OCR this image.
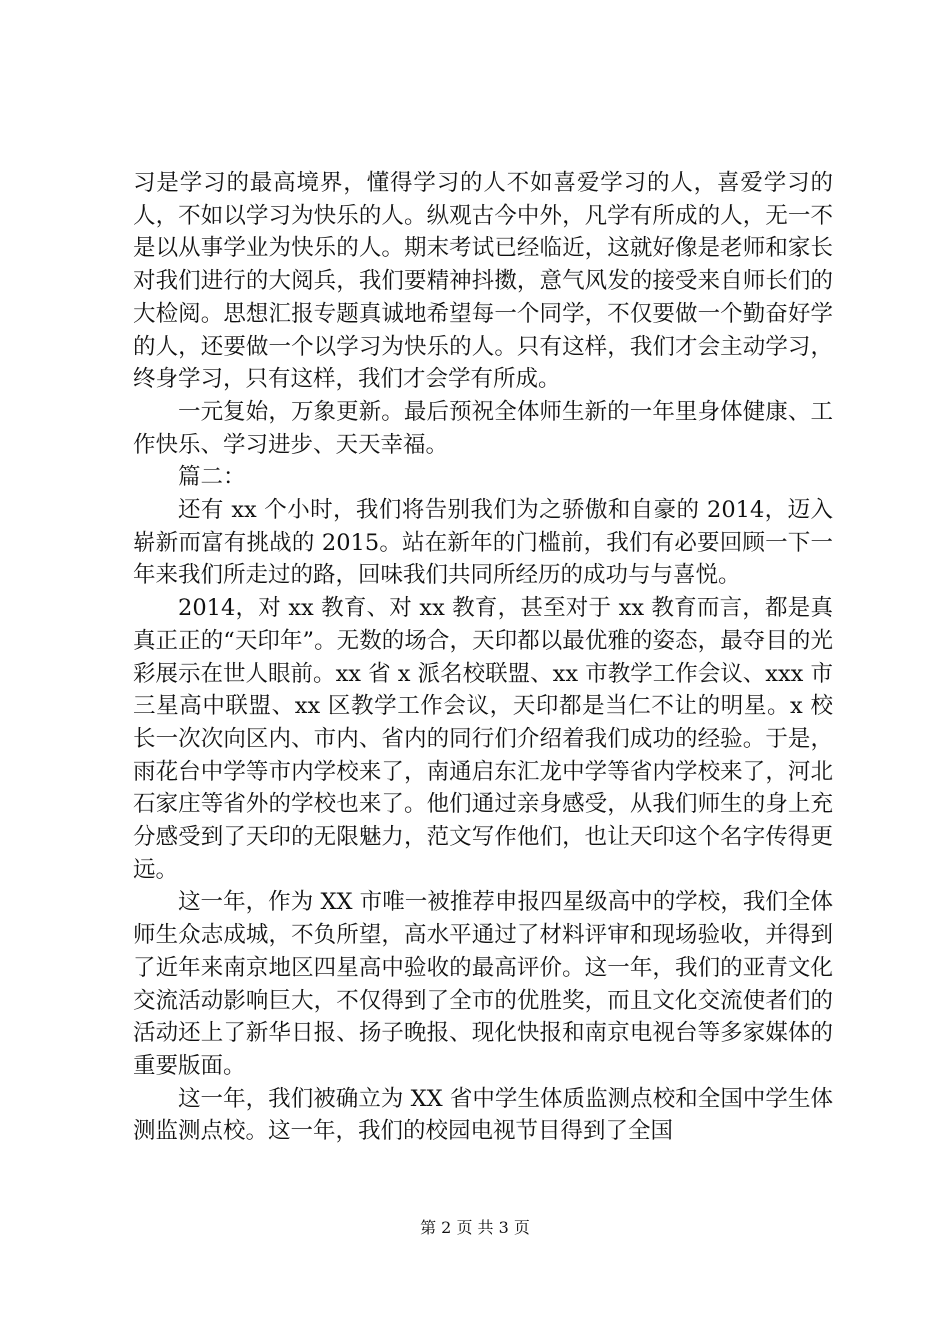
习是学习的最高境界，懂得学习的人不如喜爱学习的人，喜爱学习的人，不如以学习为快乐的人。纵观古今中外，凡学有所成的人，无一不是以从事学业为快乐的人。期末考试已经临近，这就好像是老师和家长对我们进行的大阅兵，我们要精神抖擞，意气风发的接受来自师长们的大检阅。思想汇报专题真诚地希望每一个同学，不仅要做一个勤奋好学的人，还要做一个以学习为快乐的人。只有这样，我们才会主动学习，终身学习，只有这样，我们才会学有所成。

一元复始，万象更新。最后预祝全体师生新的一年里身体健康、工作快乐、学习进步、天天幸福。

篇二：

还有 xx 个小时，我们将告别我们为之骄傲和自豪的 2014，迈入崭新而富有挑战的 2015。站在新年的门槛前，我们有必要回顾一下一年来我们所走过的路，回味我们共同所经历的成功与与喜悦。

2014，对 xx 教育、对 xx 教育，甚至对于 xx 教育而言，都是真真正正的“天印年”。无数的场合，天印都以最优雅的姿态，最夺目的光彩展示在世人眼前。xx 省 x 派名校联盟、xx 市教学工作会议、xxx 市三星高中联盟、xx 区教学工作会议，天印都是当仁不让的明星。x 校长一次次向区内、市内、省内的同行们介绍着我们成功的经验。于是，雨花台中学等市内学校来了，南通启东汇龙中学等省内学校来了，河北石家庄等省外的学校也来了。他们通过亲身感受，从我们师生的身上充分感受到了天印的无限魅力，范文写作他们，也让天印这个名字传得更远。

这一年，作为 XX 市唯一被推荐申报四星级高中的学校，我们全体师生众志成城，不负所望，高水平通过了材料评审和现场验收，并得到了近年来南京地区四星高中验收的最高评价。这一年，我们的亚青文化交流活动影响巨大，不仅得到了全市的优胜奖，而且文化交流使者们的活动还上了新华日报、扬子晚报、现化快报和南京电视台等多家媒体的重要版面。

这一年，我们被确立为 XX 省中学生体质监测点校和全国中学生体测监测点校。这一年，我们的校园电视节目得到了全国

第 2 页 共 3 页
